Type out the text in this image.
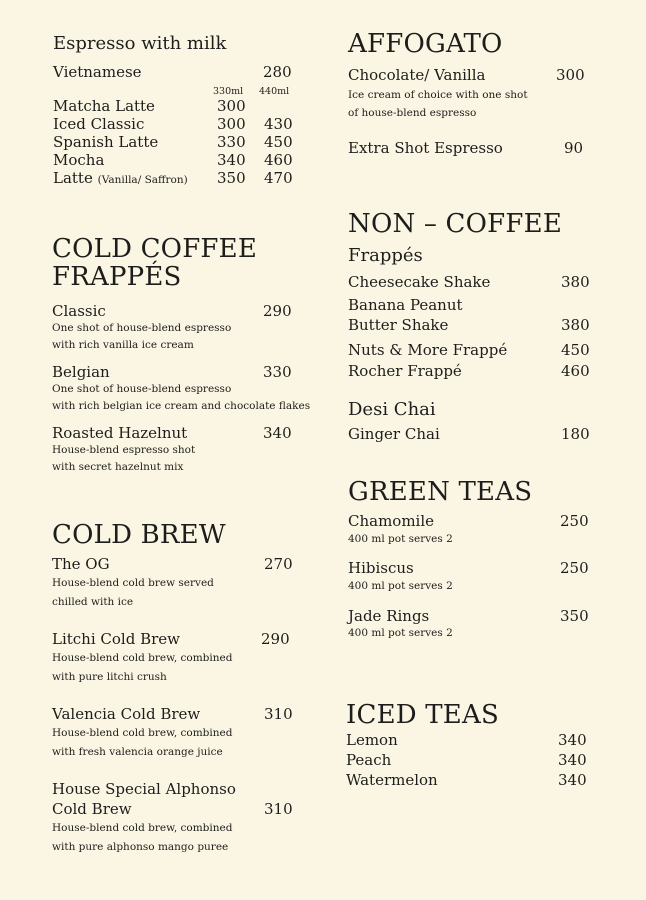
Espresso with milk
Vietnamese	280
330ml 440ml
Matcha Latte	300
Iced Classic	300 430
Spanish Latte	330 450
Mocha	340 460
Latte (Vanilla/ Saffron) 350 470
COLD COFFEE
FRAPPÉS
Classic	290
One shot of house-blend espresso
with rich vanilla ice cream
Belgian	330
One shot of house-blend espresso
with rich belgian ice cream and chocolate flakes
Roasted Hazelnut	340
House-blend espresso shot
with secret hazelnut mix
COLD BREW
The OG	270
House-blend cold brew served
chilled with ice
Litchi Cold Brew	290
House-blend cold brew, combined
with pure litchi crush
Valencia Cold Brew	310
House-blend cold brew, combined
with fresh valencia orange juice
House Special Alphonso
Cold Brew	310
House-blend cold brew, combined
with pure alphonso mango puree
AFFOGATO
Chocolate/ Vanilla	300
Ice cream of choice with one shot
of house-blend espresso
Extra Shot Espresso	90
NON – COFFEE
Frappés
Cheesecake Shake	380
Banana Peanut
Butter Shake	380
Nuts & More Frappé	450
Rocher Frappé	460
Desi Chai
Ginger Chai	180
GREEN TEAS
Chamomile	250
400 ml pot serves 2
Hibiscus	250
400 ml pot serves 2
Jade Rings	350
400 ml pot serves 2
ICED TEAS
Lemon	340
Peach	340
Watermelon	340
